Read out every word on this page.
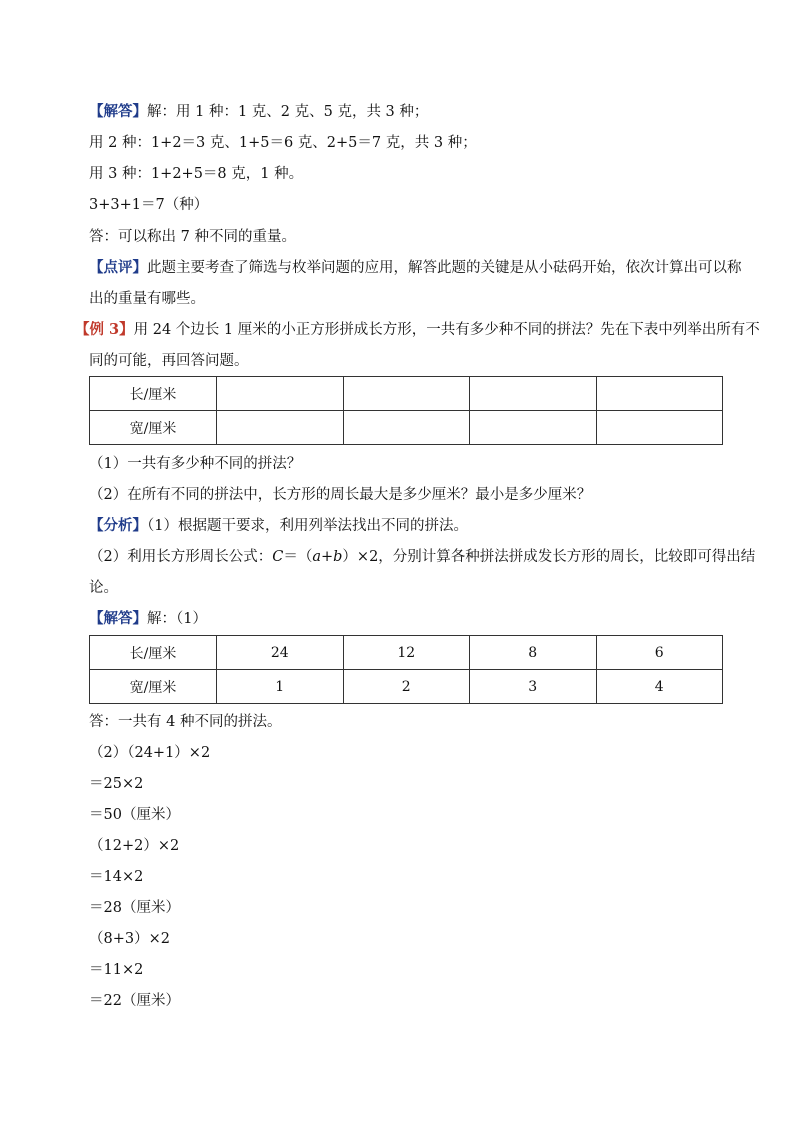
【解答】解：用 1 种：1 克、2 克、5 克，共 3 种；
用 2 种：1+2＝3 克、1+5＝6 克、2+5＝7 克，共 3 种；
用 3 种：1+2+5＝8 克，1 种。
3+3+1＝7（种）
答：可以称出 7 种不同的重量。
【点评】此题主要考查了筛选与枚举问题的应用，解答此题的关键是从小砝码开始，依次计算出可以称
出的重量有哪些。
【例 3】用 24 个边长 1 厘米的小正方形拼成长方形，一共有多少种不同的拼法？先在下表中列举出所有不
同的可能，再回答问题。
长/厘米				
宽/厘米				
（1）一共有多少种不同的拼法？
（2）在所有不同的拼法中，长方形的周长最大是多少厘米？最小是多少厘米？
【分析】（1）根据题干要求，利用列举法找出不同的拼法。
（2）利用长方形周长公式：C＝（a+b）×2，分别计算各种拼法拼成发长方形的周长，比较即可得出结
论。
【解答】解：（1）
长/厘米	24	12	8	6
宽/厘米	1	2	3	4
答：一共有 4 种不同的拼法。
（2）（24+1）×2
＝25×2
＝50（厘米）
（12+2）×2
＝14×2
＝28（厘米）
（8+3）×2
＝11×2
＝22（厘米）
